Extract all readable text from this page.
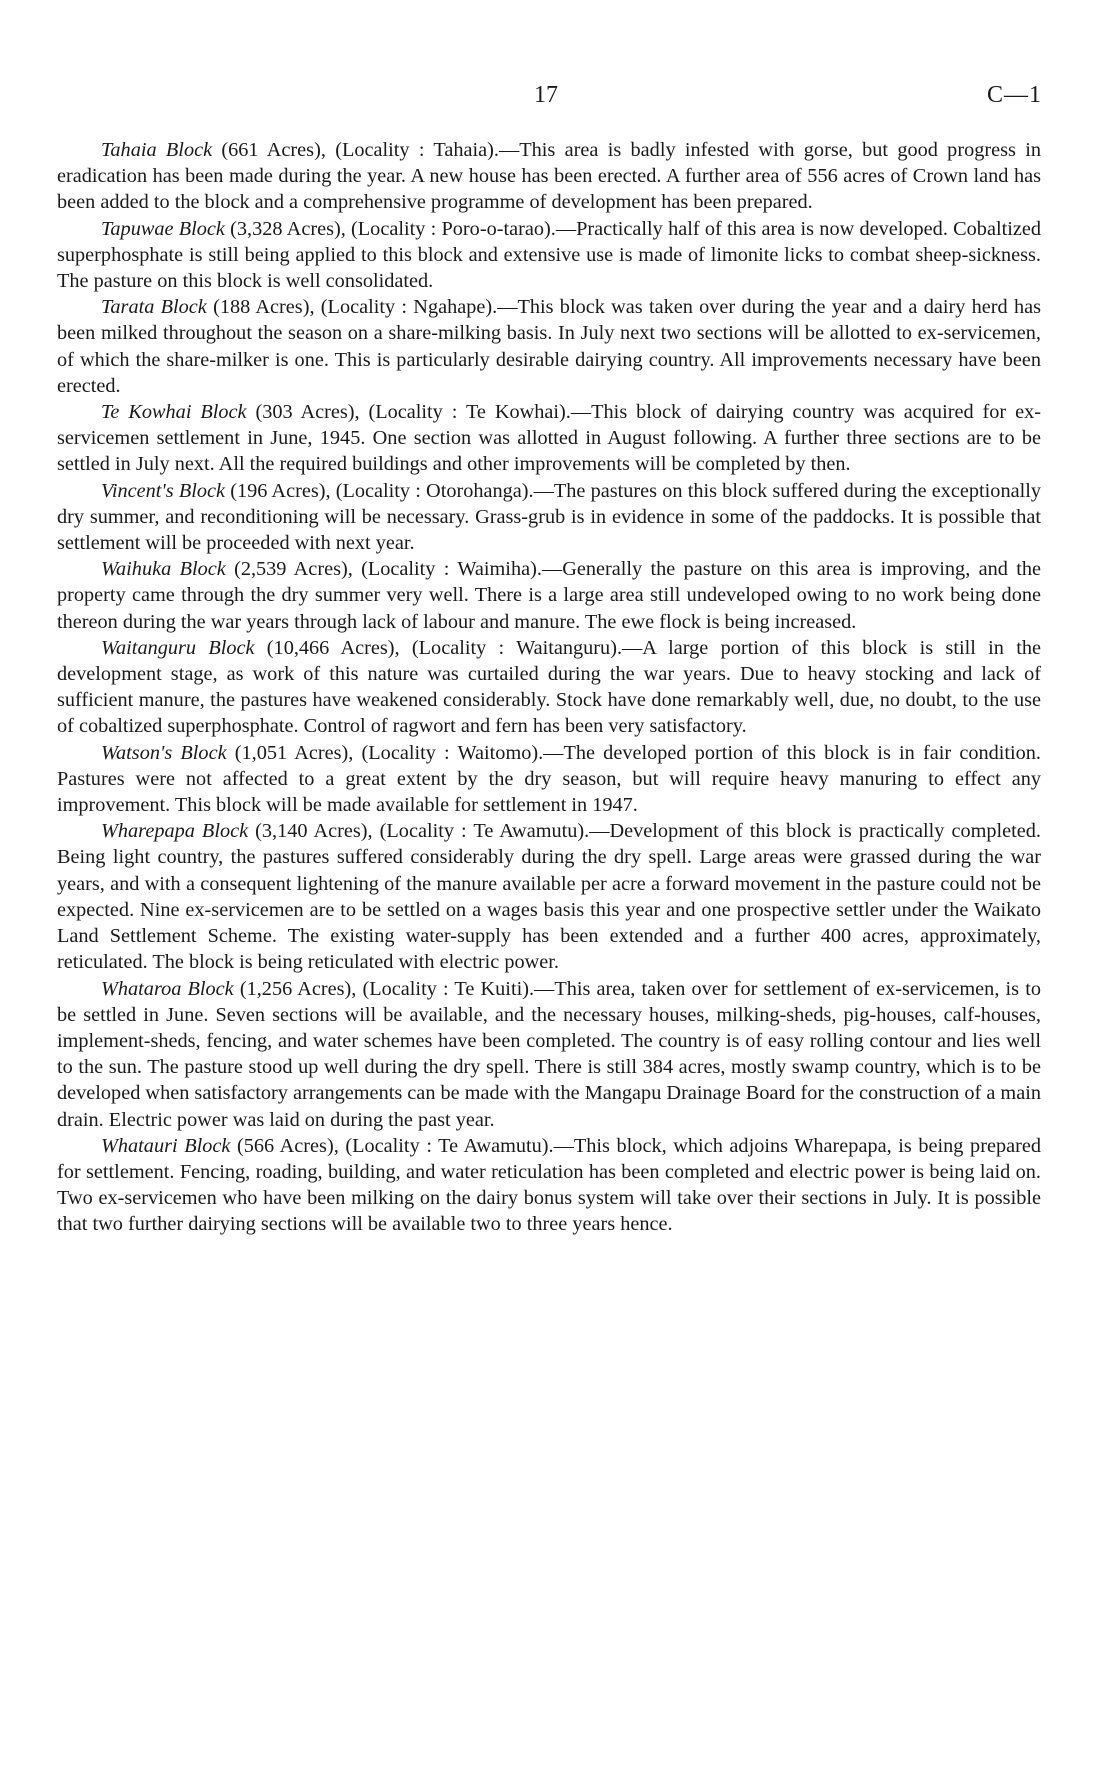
17	C—1

Tahaia Block (661 Acres), (Locality : Tahaia).—This area is badly infested with gorse, but good progress in eradication has been made during the year. A new house has been erected. A further area of 556 acres of Crown land has been added to the block and a comprehensive programme of development has been prepared.

Tapuwae Block (3,328 Acres), (Locality : Poro-o-tarao).—Practically half of this area is now developed. Cobaltized superphosphate is still being applied to this block and extensive use is made of limonite licks to combat sheep-sickness. The pasture on this block is well consolidated.

Tarata Block (188 Acres), (Locality : Ngahape).—This block was taken over during the year and a dairy herd has been milked throughout the season on a share-milking basis. In July next two sections will be allotted to ex-servicemen, of which the share-milker is one. This is particularly desirable dairying country. All improvements necessary have been erected.

Te Kowhai Block (303 Acres), (Locality : Te Kowhai).—This block of dairying country was acquired for ex-servicemen settlement in June, 1945. One section was allotted in August following. A further three sections are to be settled in July next. All the required buildings and other improvements will be completed by then.

Vincent's Block (196 Acres), (Locality : Otorohanga).—The pastures on this block suffered during the exceptionally dry summer, and reconditioning will be necessary. Grass-grub is in evidence in some of the paddocks. It is possible that settlement will be proceeded with next year.

Waihuka Block (2,539 Acres), (Locality : Waimiha).—Generally the pasture on this area is improving, and the property came through the dry summer very well. There is a large area still undeveloped owing to no work being done thereon during the war years through lack of labour and manure. The ewe flock is being increased.

Waitanguru Block (10,466 Acres), (Locality : Waitanguru).—A large portion of this block is still in the development stage, as work of this nature was curtailed during the war years. Due to heavy stocking and lack of sufficient manure, the pastures have weakened considerably. Stock have done remarkably well, due, no doubt, to the use of cobaltized superphosphate. Control of ragwort and fern has been very satisfactory.

Watson's Block (1,051 Acres), (Locality : Waitomo).—The developed portion of this block is in fair condition. Pastures were not affected to a great extent by the dry season, but will require heavy manuring to effect any improvement. This block will be made available for settlement in 1947.

Wharepapa Block (3,140 Acres), (Locality : Te Awamutu).—Development of this block is practically completed. Being light country, the pastures suffered considerably during the dry spell. Large areas were grassed during the war years, and with a consequent lightening of the manure available per acre a forward movement in the pasture could not be expected. Nine ex-servicemen are to be settled on a wages basis this year and one prospective settler under the Waikato Land Settlement Scheme. The existing water-supply has been extended and a further 400 acres, approximately, reticulated. The block is being reticulated with electric power.

Whataroa Block (1,256 Acres), (Locality : Te Kuiti).—This area, taken over for settlement of ex-servicemen, is to be settled in June. Seven sections will be available, and the necessary houses, milking-sheds, pig-houses, calf-houses, implement-sheds, fencing, and water schemes have been completed. The country is of easy rolling contour and lies well to the sun. The pasture stood up well during the dry spell. There is still 384 acres, mostly swamp country, which is to be developed when satisfactory arrangements can be made with the Mangapu Drainage Board for the construction of a main drain. Electric power was laid on during the past year.

Whatauri Block (566 Acres), (Locality : Te Awamutu).—This block, which adjoins Wharepapa, is being prepared for settlement. Fencing, roading, building, and water reticulation has been completed and electric power is being laid on. Two ex-servicemen who have been milking on the dairy bonus system will take over their sections in July. It is possible that two further dairying sections will be available two to three years hence.
